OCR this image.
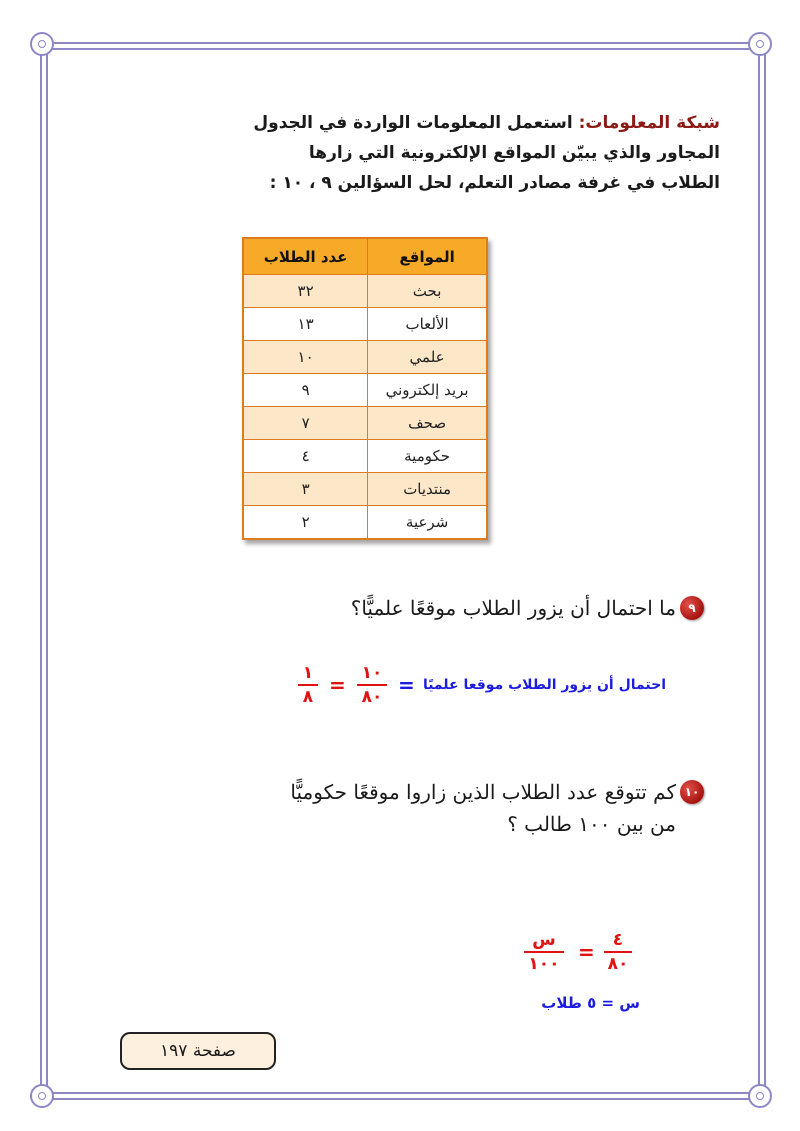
شبكة المعلومات: استعمل المعلومات الواردة في الجدول
المجاور والذي يبيّن المواقع الإلكترونية التي زارها
الطلاب في غرفة مصادر التعلم، لحل السؤالين ٩ ، ١٠ :
المواقع	عدد الطلاب
بحث	٣٢
الألعاب	١٣
علمي	١٠
بريد إلكتروني	٩
صحف	٧
حكومية	٤
منتديات	٣
شرعية	٢
٩
ما احتمال أن يزور الطلاب موقعًا علميًّا؟
احتمال أن يزور الطلاب موقعا علميًا
=
١٠
٨٠
=
١
٨
١٠
كم تتوقع عدد الطلاب الذين زاروا موقعًا حكوميًّا
من بين ١٠٠ طالب ؟
س
١٠٠ =	٤
٨٠
س = ٥ طلاب
صفحة ١٩٧
